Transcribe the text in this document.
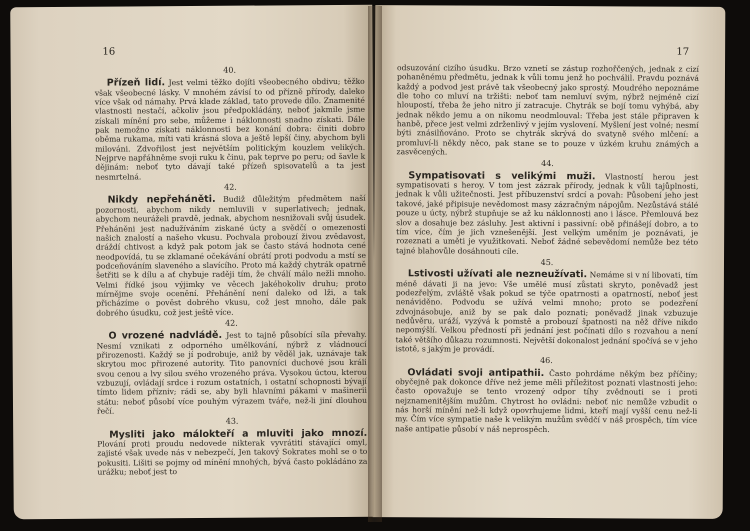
16
40.

Přízeň lidí. Jest velmi těžko dojíti všeobecného obdivu; těžko však všeobecné lásky. V mnohém závisí to od přízně přírody, daleko více však od námahy. Prvá klade základ, tato provede dílo. Znamenité vlastnosti nestačí, ačkoliv jsou předpokládány, neboť jakmile jsme získali mínění pro sebe, můžeme i náklonnosti snadno získati. Dále pak nemožno získati náklonnosti bez konání dobra: činiti dobro oběma rukama, míti vati krásná slova a ještě lepší činy, abychom byli milováni. Zdvořilost jest největším politickým kouzlem velikých. Nejprve napřáhněme svoji ruku k činu, pak teprve po peru; od šavle k dějinám: neboť tyto dávají také přízeň spisovatelů a ta jest nesmrtelná.

42.

Nikdy nepřeháněti. Budiž důležitým předmětem naší pozornosti, abychom nikdy nemluvili v superlativech; jednak, abychom neuráželi pravdě, jednak, abychom nesnižovali svůj úsudek. Přeháněni jest nadužíváním ziskané úcty a svědčí o omezenosti našich znalostí a našeho vkusu. Pochvala probouzí živou zvědavost, dráždí chtivost a když pak potom jak se často stává hodnota cené neodpovídá, tu se zklamané očekávání obrátí proti podvodu a mstí se podceňováním slaveného a slavícího. Proto má každý chytrák opatrně šetřiti se k dílu a ať chybuje raději tím, že chválí málo nežli mnoho. Velmi řídké jsou výjimky ve věcech jakéhokoliv druhu; proto mírnějme svoje ocenění. Přehánění není daleko od lži, a tak přicházíme o pověst dobrého vkusu, což jest mnoho, dále pak dobrého úsudku, což jest ještě více.

42.

O vrozené nadvládě. Jest to tajně působící síla převahy. Nesmí vznikati z odporného umělkování, nýbrž z vládnoucí přirozenosti. Každý se jí podrobuje, aniž by věděl jak, uznávaje tak skrytou moc přirozené autority. Tito panovníci duchové jsou králi svou cenou a lvy silou svého vrozeného práva. Vysokou úctou, kterou vzbuzují, ovládají srdce i rozum ostatních, i ostatní schopnosti bývají tímto lidem přízniv; rádi se, aby byli hlavními pákami v mašinerii státu: neboť působí více pouhým výrazem tváře, než-li jiní dlouhou řečí.

43.

Mysliti jako málokteří a mluviti jako mnozí. Plování proti proudu nedovede nikterak vyvrátiti stávající omyl, zajisté však uvede nás v nebezpečí, Jen takový Sokrates mohl se o to pokusiti. Lišiti se pojmy od mínění mnohých, bývá často pokládáno za urážku; neboť jest to

17

odsuzování cizího úsudku. Brzo vznetí se zástup rozhořčených, jednak z cizí pohaněnému předmětu, jednak k vůli tomu jenž ho pochválil. Pravdu poznává každý a podvod jest právě tak všeobecný jako sprostý. Moudrého nepoznáme dle toho co mluví na tržišti: neboť tam nemluví svým, nýbrž nejméně cizí hloupostí, třeba že jeho nitro jí zatracuje. Chytrák se bojí tomu vyhýbá, aby jednak někdo jemu a on nikomu neodmlouval: Třeba jest stále připraven k hanbě, přece jest velmi zdrženlivý v jejím vyslovení. Myšlení jest volné; nesmí býti znásilňováno. Proto se chytrák skrývá do svatyně svého mlčení: a promluví-li někdy něco, pak stane se to pouze v úzkém kruhu známých a zasvěcených.

44.

Sympatisovati s velikými muži. Vlastností herou jest sympatisovati s heroy. V tom jest zázrak přírody, jednak k vůli tajůplnosti, jednak k vůli užitečnosti. Jest příbuzenství srdcí a povah: Působení jeho jest takové, jaké připisuje nevědomost masy zázračným nápojům. Nezůstává stálé pouze u úcty, nýbrž stupňuje se až ku náklonnosti ano i lásce. Přemlouvá bez slov a dosahuje bez zásluhy. Jest aktivní i passivní: obě přinášejí dobro, a to tím více, čím je jich vznešenější. Jest velkým uměním je poznávati, je rozeznati a uměti je využitkovati. Neboť žádné sebevědomí nemůže bez této tajné blahovůle dosáhnouti cíle.

45.

Lstivosti užívati ale nezneužívati. Nemáme si v ní libovati, tím méně dávati ji na jevo: Vše umělé musí zůstati skryto, poněvadž jest podezřelým, zvláště však pokud se týče opatrnosti a opatrností, neboť jest nenáviděno. Podvodu se užívá velmi mnoho; proto se podezření zdvojnásobuje, aniž by se pak dalo poznati; poněvadž jinak vzbuzuje nedůvěru, uráží, vyzývá k pomstě a probouzí špatnosti na něž dříve nikdo nepomýšlí. Velkou předností při jednání jest počínati dílo s rozvahou a není také většího důkazu rozumnosti. Největší dokonalost jednání spočívá se v jeho istotě, s jakým je provádí.

46.

Ovládati svoji antipathii. Často pohrdáme někým bez příčiny; obyčejně pak dokonce dříve než jeme měli příležitost poznati vlastnosti jeho: často opovažuje se tento vrozený odpor tíhy zvědnouti se i proti nejznamenitějším mužům. Chytrost ho ovládni: neboť nic nemůže vzbudit o nás horší mínění než-li když opovrhujeme lidmi, kteří mají vyšší cenu než-li my. Čím více sympatie naše k velikým mužům svědčí v náš prospěch, tím více naše antipatie působí v náš neprospěch.
